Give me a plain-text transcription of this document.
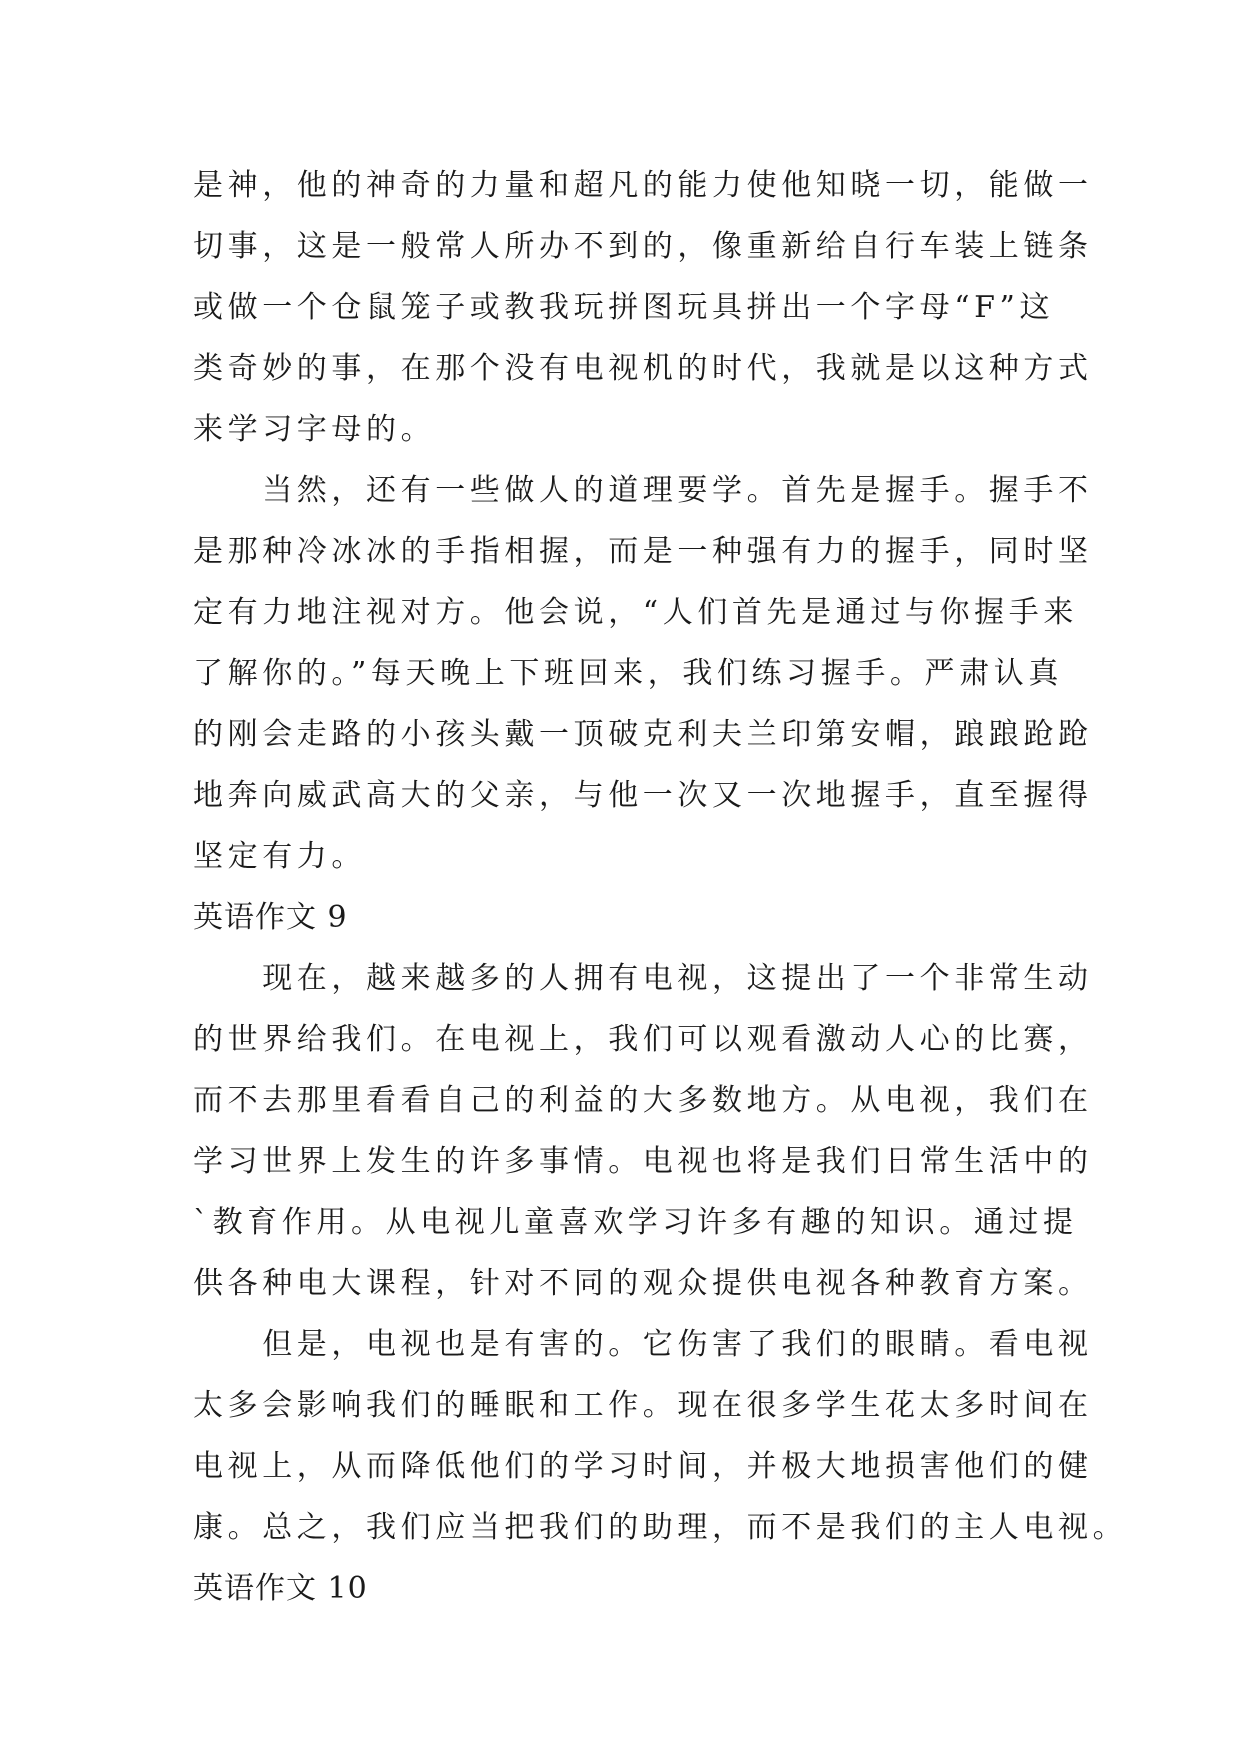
是神，他的神奇的力量和超凡的能力使他知晓一切，能做一
切事，这是一般常人所办不到的，像重新给自行车装上链条
或做一个仓鼠笼子或教我玩拼图玩具拼出一个字母“F”这
类奇妙的事，在那个没有电视机的时代，我就是以这种方式
来学习字母的。
　　当然，还有一些做人的道理要学。首先是握手。握手不
是那种冷冰冰的手指相握，而是一种强有力的握手，同时坚
定有力地注视对方。他会说，“人们首先是通过与你握手来
了解你的。”每天晚上下班回来，我们练习握手。严肃认真
的刚会走路的小孩头戴一顶破克利夫兰印第安帽，踉踉跄跄
地奔向威武高大的父亲，与他一次又一次地握手，直至握得
坚定有力。
英语作文 9
　　现在，越来越多的人拥有电视，这提出了一个非常生动
的世界给我们。在电视上，我们可以观看激动人心的比赛，
而不去那里看看自己的利益的大多数地方。从电视，我们在
学习世界上发生的许多事情。电视也将是我们日常生活中的
`教育作用。从电视儿童喜欢学习许多有趣的知识。通过提
供各种电大课程，针对不同的观众提供电视各种教育方案。
　　但是，电视也是有害的。它伤害了我们的眼睛。看电视
太多会影响我们的睡眠和工作。现在很多学生花太多时间在
电视上，从而降低他们的学习时间，并极大地损害他们的健
康。总之，我们应当把我们的助理，而不是我们的主人电视。
英语作文 10
